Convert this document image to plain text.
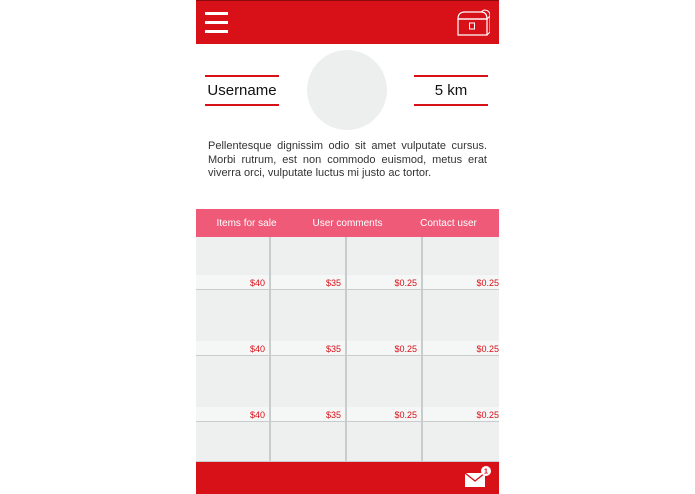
Username	5 km

Pellentesque dignissim odio sit amet vulputate cursus. Morbi rutrum, est non commodo euismod, metus erat viverra orci, vulputate luctus mi justo ac tortor.

Items for sale	User comments	Contact user
$40	$35	$0.25	$0.25
$40	$35	$0.25	$0.25
$40	$35	$0.25	$0.25
1
